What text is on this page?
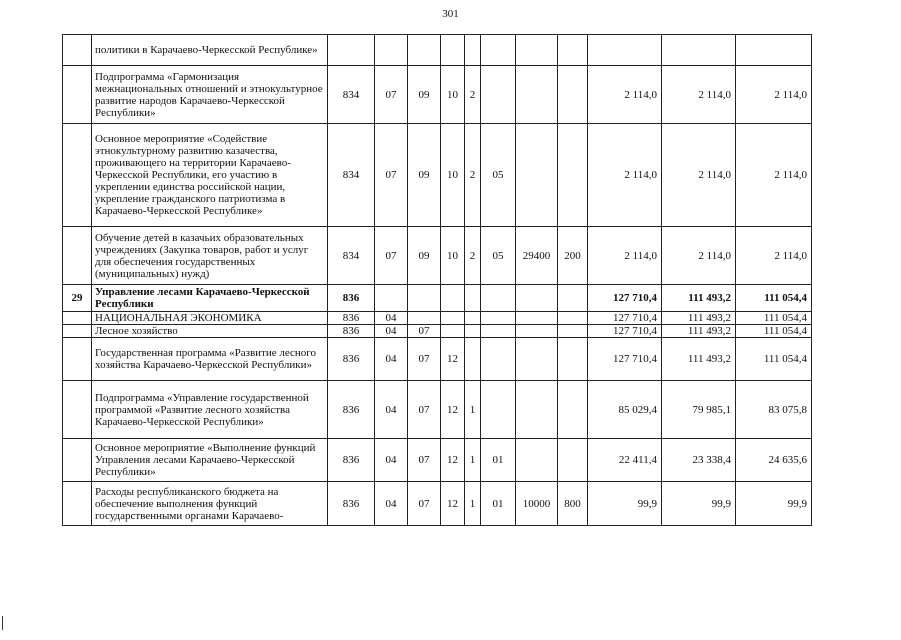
301
	политики в Карачаево-Черкесской Республике»											
	Подпрограмма «Гармонизация межнациональных отношений и этнокультурное развитие народов Карачаево-Черкесской Республики»	834	07	09	10	2				2 114,0	2 114,0	2 114,0
	Основное мероприятие «Содействие этнокультурному развитию казачества, проживающего на территории Карачаево-Черкесской Республики, его участию в укреплении единства российской нации, укрепление гражданского патриотизма в Карачаево-Черкесской Республике»	834	07	09	10	2	05			2 114,0	2 114,0	2 114,0
	Обучение детей в казачьих образовательных учреждениях (Закупка товаров, работ и услуг для обеспечения государственных (муниципальных) нужд)	834	07	09	10	2	05	29400	200	2 114,0	2 114,0	2 114,0
29	Управление лесами Карачаево-Черкесской Республики	836								127 710,4	111 493,2	111 054,4
	НАЦИОНАЛЬНАЯ ЭКОНОМИКА	836	04							127 710,4	111 493,2	111 054,4
	Лесное хозяйство	836	04	07						127 710,4	111 493,2	111 054,4
	Государственная программа «Развитие лесного хозяйства Карачаево-Черкесской Республики»	836	04	07	12					127 710,4	111 493,2	111 054,4
	Подпрограмма «Управление государственной программой «Развитие лесного хозяйства Карачаево-Черкесской Республики»	836	04	07	12	1				85 029,4	79 985,1	83 075,8
	Основное мероприятие «Выполнение функций Управления лесами Карачаево-Черкесской Республики»	836	04	07	12	1	01			22 411,4	23 338,4	24 635,6
	Расходы республиканского бюджета на обеспечение выполнения функций государственными органами Карачаево-	836	04	07	12	1	01	10000	800	99,9	99,9	99,9
